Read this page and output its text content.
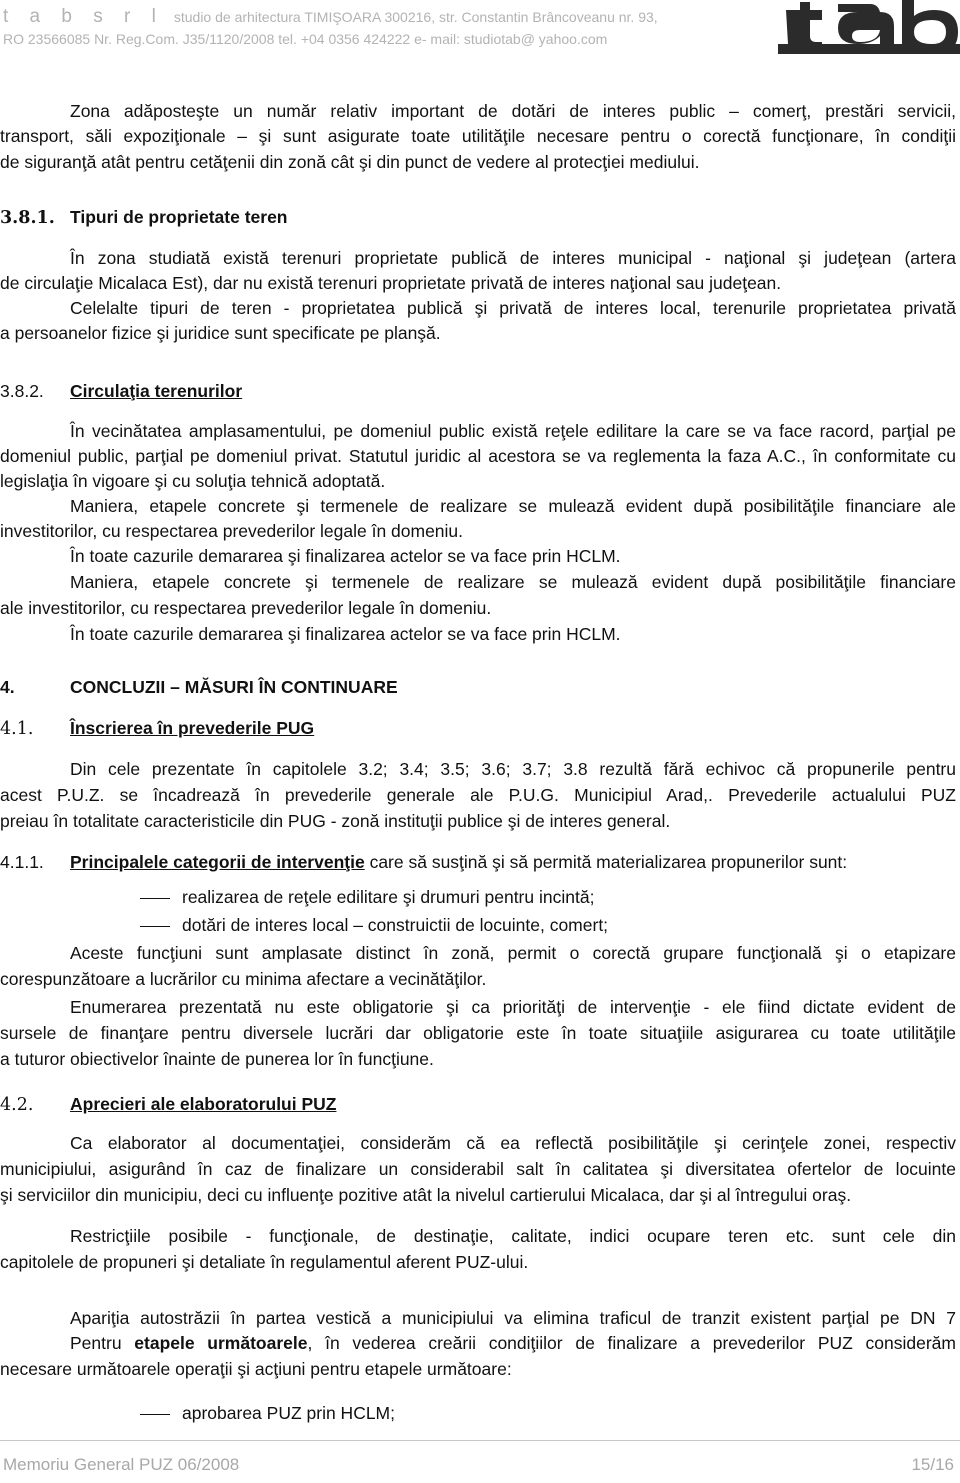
t a b s r l studio de arhitectura TIMIŞOARA 300216, str. Constantin Brâncoveanu nr. 93,
RO 23566085 Nr. Reg.Com. J35/1120/2008 tel. +04 0356 424222 e- mail: studiotab@ yahoo.com
Zona adăposteşte un număr relativ important de dotări de interes public – comerţ, prestări servicii,
transport, săli expoziţionale – şi sunt asigurate toate utilităţile necesare pentru o corectă funcţionare, în condiţii
de siguranţă atât pentru cetăţenii din zonă cât şi din punct de vedere al protecţiei mediului.
3.8.1. Tipuri de proprietate teren
În zona studiată există terenuri proprietate publică de interes municipal - naţional şi judeţean (artera
de circulaţie Micalaca Est), dar nu există terenuri proprietate privată de interes naţional sau judeţean.
Celelalte tipuri de teren - proprietatea publică şi privată de interes local, terenurile proprietatea privată
a persoanelor fizice şi juridice sunt specificate pe planşă.
3.8.2. Circulaţia terenurilor
În vecinătatea amplasamentului, pe domeniul public există reţele edilitare la care se va face racord, parţial pe
domeniul public, parţial pe domeniul privat. Statutul juridic al acestora se va reglementa la faza A.C., în conformitate cu
legislaţia în vigoare şi cu soluţia tehnică adoptată.
Maniera, etapele concrete şi termenele de realizare se mulează evident după posibilităţile financiare ale
investitorilor, cu respectarea prevederilor legale în domeniu.
În toate cazurile demararea şi finalizarea actelor se va face prin HCLM.
Maniera, etapele concrete şi termenele de realizare se mulează evident după posibilităţile financiare
ale investitorilor, cu respectarea prevederilor legale în domeniu.
În toate cazurile demararea şi finalizarea actelor se va face prin HCLM.
4.	CONCLUZII – MĂSURI ÎN CONTINUARE
4.1. Înscrierea în prevederile PUG
Din cele prezentate în capitolele 3.2; 3.4; 3.5; 3.6; 3.7; 3.8 rezultă fără echivoc că propunerile pentru
acest P.U.Z. se încadrează în prevederile generale ale P.U.G. Municipiul Arad,. Prevederile actualului PUZ
preiau în totalitate caracteristicile din PUG - zonă instituţii publice şi de interes general.
4.1.1. Principalele categorii de intervenţie care să susţină şi să permită materializarea propunerilor sunt:
realizarea de reţele edilitare şi drumuri pentru incintă;
dotări de interes local – construictii de locuinte, comert;
Aceste funcţiuni sunt amplasate distinct în zonă, permit o corectă grupare funcţională şi o etapizare
corespunzătoare a lucrărilor cu minima afectare a vecinătăţilor.
Enumerarea prezentată nu este obligatorie şi ca priorităţi de intervenţie - ele fiind dictate evident de
sursele de finanţare pentru diversele lucrări dar obligatorie este în toate situaţiile asigurarea cu toate utilităţile
a tuturor obiectivelor înainte de punerea lor în funcţiune.
4.2. Aprecieri ale elaboratorului PUZ
Ca elaborator al documentaţiei, considerăm că ea reflectă posibilităţile şi cerinţele zonei, respectiv
municipiului, asigurând în caz de finalizare un considerabil salt în calitatea şi diversitatea ofertelor de locuinte
şi serviciilor din municipiu, deci cu influenţe pozitive atât la nivelul cartierului Micalaca, dar şi al întregului oraş.
Restricţiile posibile - funcţionale, de destinaţie, calitate, indici ocupare teren etc. sunt cele din
capitolele de propuneri şi detaliate în regulamentul aferent PUZ-ului.
Apariţia autostrăzii în partea vestică a municipiului va elimina traficul de tranzit existent parţial pe DN 7
Pentru etapele următoarele, în vederea creării condiţiilor de finalizare a prevederilor PUZ considerăm
necesare următoarele operaţii şi acţiuni pentru etapele următoare:
aprobarea PUZ prin HCLM;
Memoriu General PUZ 06/2008	15/16
